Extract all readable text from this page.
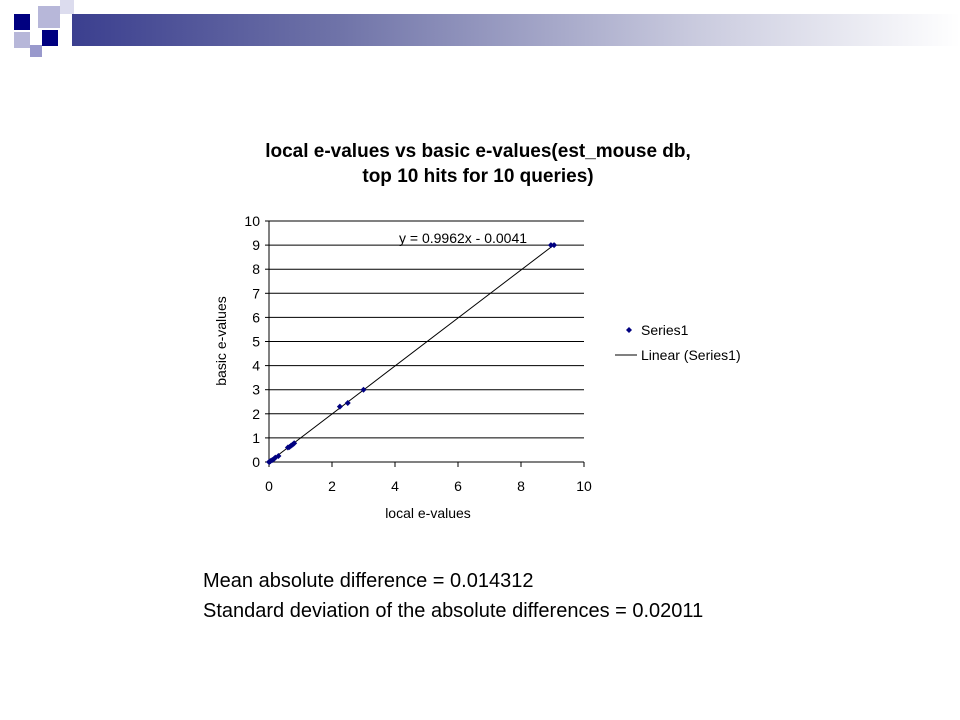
local e-values vs basic e-values(est_mouse db,
top 10 hits for 10 queries)
0
1
2
3
4
5
6
7
8
9
10
0	2	4	6	8	10
y = 0.9962x - 0.0041
local e-values
basic e-values	Series1
Linear (Series1)
Mean absolute difference = 0.014312
Standard deviation of the absolute differences = 0.02011
